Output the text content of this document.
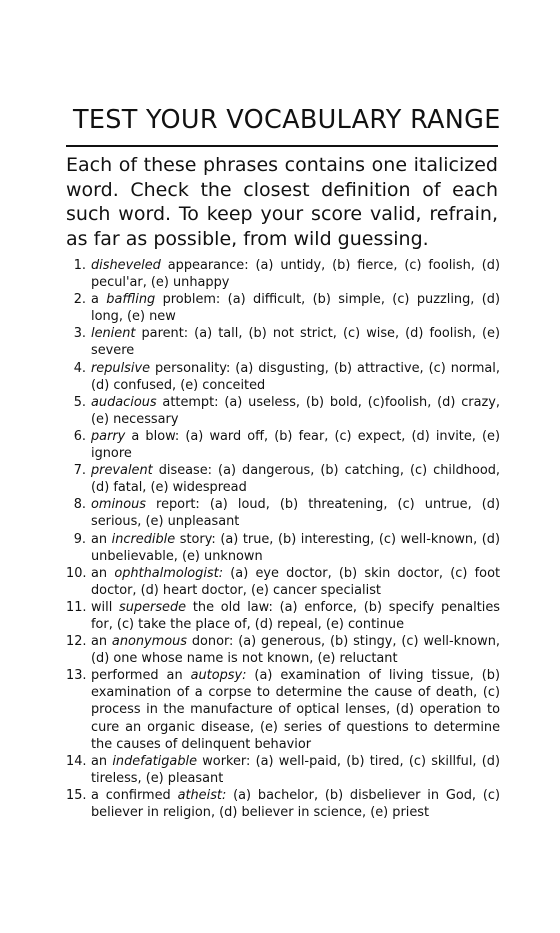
TEST YOUR VOCABULARY RANGE

Each of these phrases contains one italicized word. Check the closest definition of each such word. To keep your score valid, refrain, as far as possible, from wild guessing.

1. disheveled appearance: (a) untidy, (b) fierce, (c) foolish, (d) pecul'ar, (e) unhappy
2. a baffling problem: (a) difficult, (b) simple, (c) puzzling, (d) long, (e) new
3. lenient parent: (a) tall, (b) not strict, (c) wise, (d) foolish, (e) severe
4. repulsive personality: (a) disgusting, (b) attractive, (c) normal, (d) confused, (e) conceited
5. audacious attempt: (a) useless, (b) bold, (c)foolish, (d) crazy, (e) necessary
6. parry a blow: (a) ward off, (b) fear, (c) expect, (d) invite, (e) ignore
7. prevalent disease: (a) dangerous, (b) catching, (c) childhood, (d) fatal, (e) widespread
8. ominous report: (a) loud, (b) threatening, (c) untrue, (d) serious, (e) unpleasant
9. an incredible story: (a) true, (b) interesting, (c) well-known, (d) unbelievable, (e) unknown
10. an ophthalmologist: (a) eye doctor, (b) skin doctor, (c) foot doctor, (d) heart doctor, (e) cancer specialist
11. will supersede the old law: (a) enforce, (b) specify penalties for, (c) take the place of, (d) repeal, (e) continue
12. an anonymous donor: (a) generous, (b) stingy, (c) well-known, (d) one whose name is not known, (e) reluctant
13. performed an autopsy: (a) examination of living tissue, (b) examination of a corpse to determine the cause of death, (c) process in the manufacture of optical lenses, (d) operation to cure an organic disease, (e) series of questions to determine the causes of delinquent behavior
14. an indefatigable worker: (a) well-paid, (b) tired, (c) skillful, (d) tireless, (e) pleasant
15. a confirmed atheist: (a) bachelor, (b) disbeliever in God, (c) believer in religion, (d) believer in science, (e) priest
